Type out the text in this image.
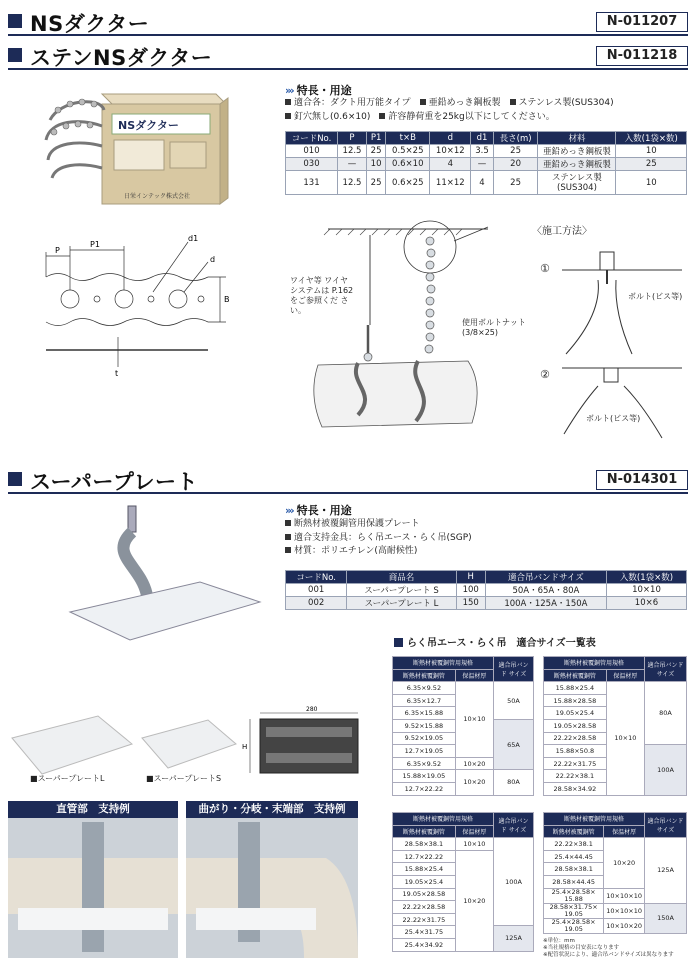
NSダクター	N-011207
ステンNSダクター	N-011218
NSダクター
日栄インテック株式会社
››› 特長・用途
適合各：ダクト用万能タイプ　 亜鉛めっき鋼板製　 ステンレス製(SUS304)
釘穴無し(0.6×10)　 許容静荷重を25kg以下にしてください。
コードNo.	P	P1	t×B	d	d1	長さ(m)	材料	入数(1袋×数)
010	12.5	25	0.5×25	10×12	3.5	25	亜鉛めっき鋼板製	10
030	—	10	0.6×10	4	—	20	亜鉛めっき鋼板製	25
131	12.5	25	0.6×25	11×12	4	25	ステンレス製 (SUS304)	10
P
P1
d1
d
B
t
ワイヤ等 ワイヤシステムは P.162をご参照くだ さい。
使用ボルトナット (3/8×25)
〈施工方法〉
①
②
ボルト(ビス等)
ボルト(ビス等)
スーパープレート	N-014301
››› 特長・用途
断熱材被覆銅管用保護プレート
適合支持金具：らく吊エース・らく吊(SGP)
材質：ポリエチレン(高耐候性)
コードNo.	商品名	H	適合吊バンドサイズ	入数(1袋×数)
001	スーパープレート S	100	50A・65A・80A	10×10
002	スーパープレート L	150	100A・125A・150A	10×6
■スーパープレートL	■スーパープレートS
280
H
直管部　支持例	曲がり・分岐・末端部　支持例
らく吊エース・らく吊　適合サイズ一覧表
断熱材被覆銅管用規格		適合吊バンド サイズ
断熱材被覆銅管	保温材厚	
6.35×9.52	10×10	50A
6.35×12.7		
6.35×15.88		
9.52×15.88		65A
9.52×19.05		
12.7×19.05		
6.35×9.52	10×20	
15.88×19.05	10×20	80A
12.7×22.22		
断熱材被覆銅管用規格		適合吊バンド サイズ
断熱材被覆銅管	保温材厚	
15.88×25.4	10×10	80A
15.88×28.58		
19.05×25.4		
19.05×28.58		
22.22×28.58		
15.88×50.8		100A
22.22×31.75		
22.22×38.1		
28.58×34.92		
断熱材被覆銅管用規格		適合吊バンド サイズ
断熱材被覆銅管	保温材厚	
28.58×38.1	10×10	100A
12.7×22.22	10×20	
15.88×25.4		
19.05×25.4		
19.05×28.58		
22.22×28.58		
22.22×31.75		
25.4×31.75		125A
25.4×34.92		
断熱材被覆銅管用規格		適合吊バンド サイズ
断熱材被覆銅管	保温材厚	
22.22×38.1	10×20	125A
25.4×44.45		
28.58×38.1		
28.58×44.45		
25.4×28.58× 15.88	10×10×10	
28.58×31.75× 19.05	10×10×10	150A
25.4×28.58× 19.05	10×10×20	
※単位：mm
※当社規格の目安表になります
※配管状況により、適合吊バンドサイズは異なります
